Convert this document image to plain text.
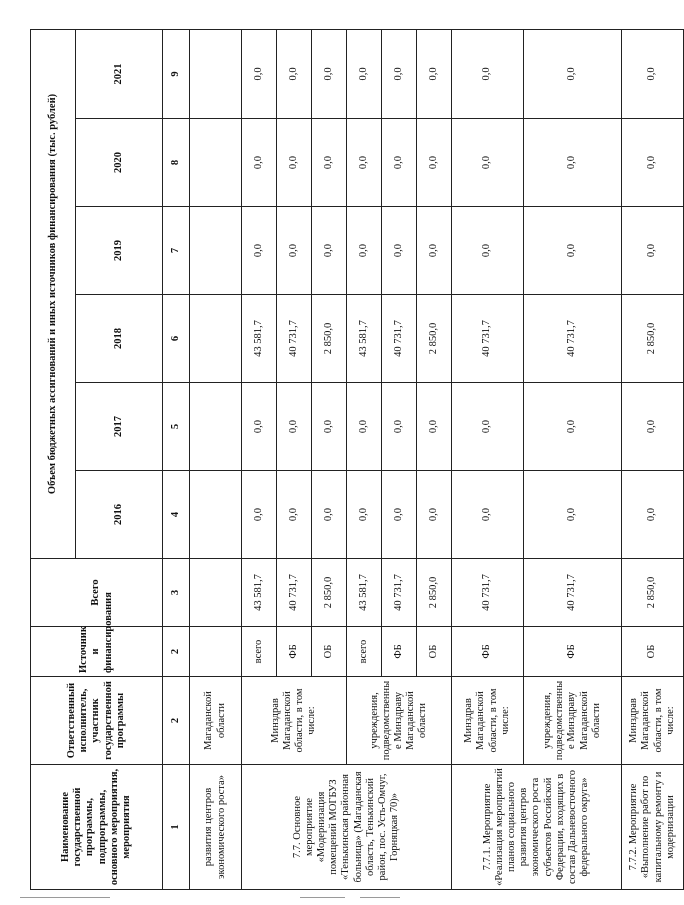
Наименование государственной программы, подпрограммы, основного мероприятия, мероприятия	Ответственный исполнитель, участник государственной программы	Источник и финансирования	Всего	Объем бюджетных ассигнований и иных источников финансирования (тыс. рублей)					
				2016	2017	2018	2019	2020	2021
1	2	2	3	4	5	6	7	8	9
развития центров экономического роста»	Магаданской области								
7.7. Основное мероприятие «Модернизация помещений МОГБУЗ «Тенькинская районная больница» (Магаданская область, Тенькинский район, пос. Усть-Омчуг, Горняцкая 70)»	Минздрав Магаданской области, в том числе:	всего	43 581,7	0,0	0,0	43 581,7	0,0	0,0	0,0
		ФБ	40 731,7	0,0	0,0	40 731,7	0,0	0,0	0,0
		ОБ	2 850,0	0,0	0,0	2 850,0	0,0	0,0	0,0
	учреждения, подведомственны е Минздраву Магаданской области	всего	43 581,7	0,0	0,0	43 581,7	0,0	0,0	0,0
		ФБ	40 731,7	0,0	0,0	40 731,7	0,0	0,0	0,0
		ОБ	2 850,0	0,0	0,0	2 850,0	0,0	0,0	0,0
7.7.1. Мероприятие «Реализация мероприятий планов социального развития центров экономического роста субъектов Российской Федерации, входящих в состав Дальневосточного федерального округа»	Минздрав Магаданской области, в том числе:	ФБ	40 731,7	0,0	0,0	40 731,7	0,0	0,0	0,0
	учреждения, подведомственны е Минздраву Магаданской области	ФБ	40 731,7	0,0	0,0	40 731,7	0,0	0,0	0,0
7.7.2. Мероприятие «Выполнение работ по капитальному ремонту и модернизации	Минздрав Магаданской области, в том числе:	ОБ	2 850,0	0,0	0,0	2 850,0	0,0	0,0	0,0
